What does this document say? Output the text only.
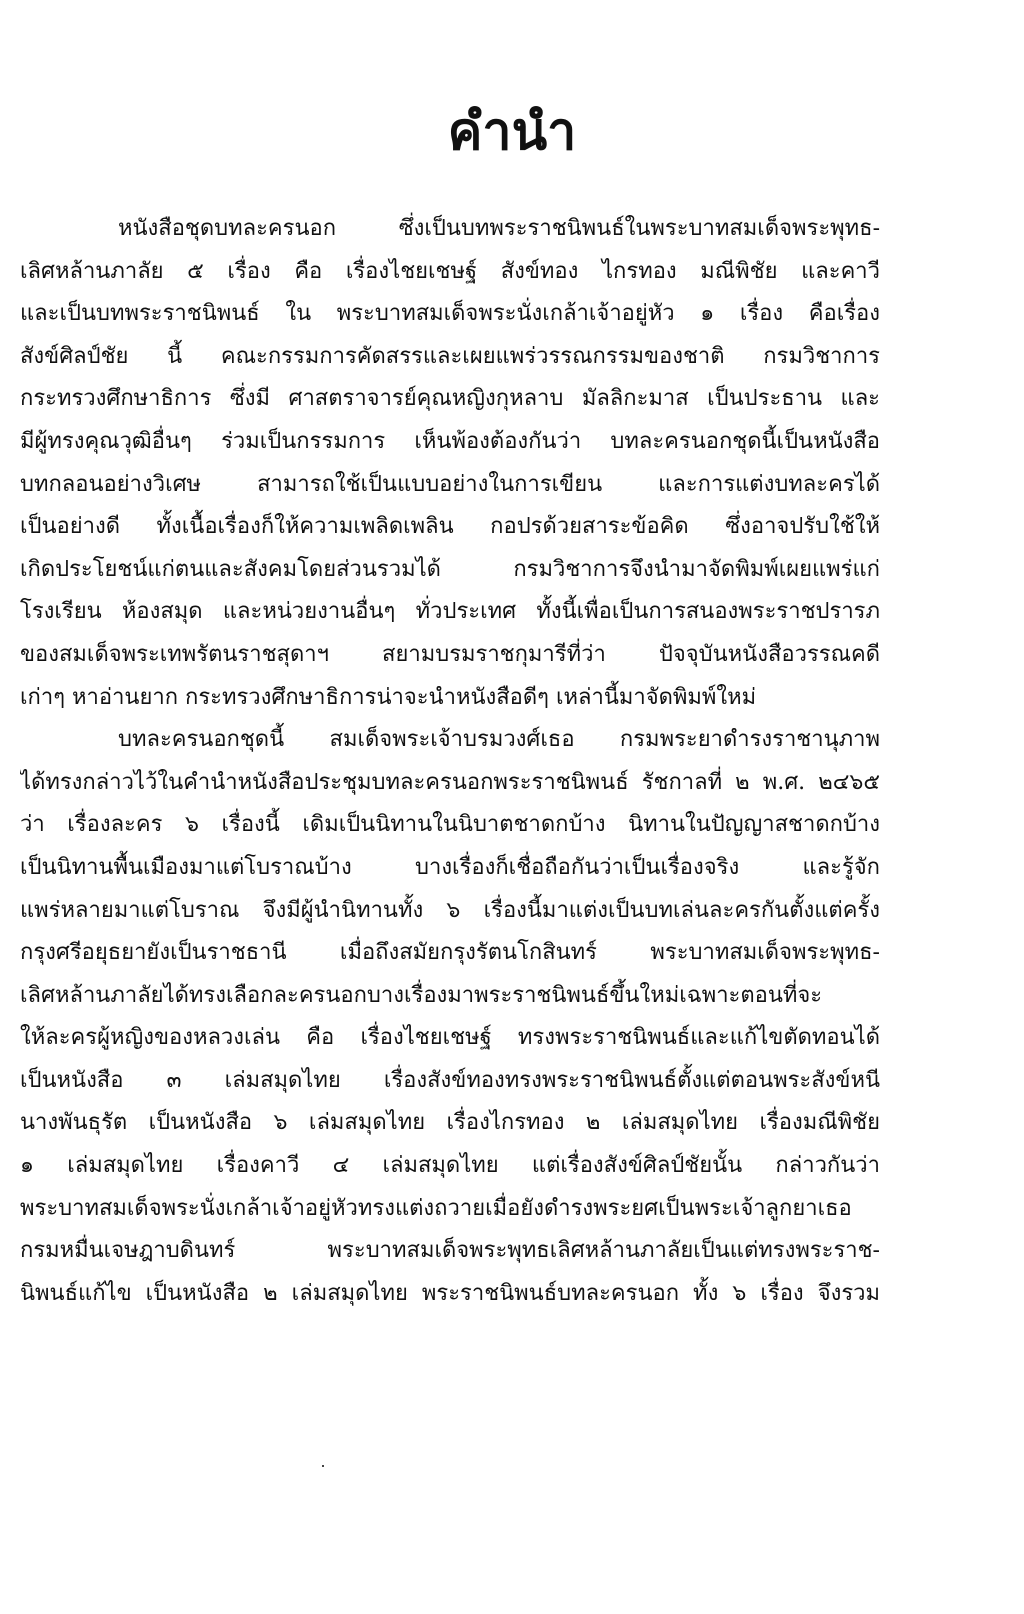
คำนำ
หนังสือชุดบทละครนอก ซึ่งเป็นบทพระราชนิพนธ์ในพระบาทสมเด็จพระพุทธ-
เลิศหล้านภาลัย ๕ เรื่อง คือ เรื่องไชยเชษฐ์ สังข์ทอง ไกรทอง มณีพิชัย และคาวี
และเป็นบทพระราชนิพนธ์ ใน พระบาทสมเด็จพระนั่งเกล้าเจ้าอยู่หัว ๑ เรื่อง คือเรื่อง
สังข์ศิลป์ชัย นี้ คณะกรรมการคัดสรรและเผยแพร่วรรณกรรมของชาติ กรมวิชาการ
กระทรวงศึกษาธิการ ซึ่งมี ศาสตราจารย์คุณหญิงกุหลาบ มัลลิกะมาส เป็นประธาน และ
มีผู้ทรงคุณวุฒิอื่นๆ ร่วมเป็นกรรมการ เห็นพ้องต้องกันว่า บทละครนอกชุดนี้เป็นหนังสือ
บทกลอนอย่างวิเศษ สามารถใช้เป็นแบบอย่างในการเขียน และการแต่งบทละครได้
เป็นอย่างดี ทั้งเนื้อเรื่องก็ให้ความเพลิดเพลิน กอปรด้วยสาระข้อคิด ซึ่งอาจปรับใช้ให้
เกิดประโยชน์แก่ตนและสังคมโดยส่วนรวมได้ กรมวิชาการจึงนำมาจัดพิมพ์เผยแพร่แก่
โรงเรียน ห้องสมุด และหน่วยงานอื่นๆ ทั่วประเทศ ทั้งนี้เพื่อเป็นการสนองพระราชปรารภ
ของสมเด็จพระเทพรัตนราชสุดาฯ สยามบรมราชกุมารีที่ว่า ปัจจุบันหนังสือวรรณคดี
เก่าๆ หาอ่านยาก กระทรวงศึกษาธิการน่าจะนำหนังสือดีๆ เหล่านี้มาจัดพิมพ์ใหม่
บทละครนอกชุดนี้ สมเด็จพระเจ้าบรมวงศ์เธอ กรมพระยาดำรงราชานุภาพ
ได้ทรงกล่าวไว้ในคำนำหนังสือประชุมบทละครนอกพระราชนิพนธ์ รัชกาลที่ ๒ พ.ศ. ๒๔๖๕
ว่า เรื่องละคร ๖ เรื่องนี้ เดิมเป็นนิทานในนิบาตชาดกบ้าง นิทานในปัญญาสชาดกบ้าง
เป็นนิทานพื้นเมืองมาแต่โบราณบ้าง บางเรื่องก็เชื่อถือกันว่าเป็นเรื่องจริง และรู้จัก
แพร่หลายมาแต่โบราณ จึงมีผู้นำนิทานทั้ง ๖ เรื่องนี้มาแต่งเป็นบทเล่นละครกันตั้งแต่ครั้ง
กรุงศรีอยุธยายังเป็นราชธานี เมื่อถึงสมัยกรุงรัตนโกสินทร์ พระบาทสมเด็จพระพุทธ-
เลิศหล้านภาลัยได้ทรงเลือกละครนอกบางเรื่องมาพระราชนิพนธ์ขึ้นใหม่เฉพาะตอนที่จะ
ให้ละครผู้หญิงของหลวงเล่น คือ เรื่องไชยเชษฐ์ ทรงพระราชนิพนธ์และแก้ไขตัดทอนได้
เป็นหนังสือ ๓ เล่มสมุดไทย เรื่องสังข์ทองทรงพระราชนิพนธ์ตั้งแต่ตอนพระสังข์หนี
นางพันธุรัต เป็นหนังสือ ๖ เล่มสมุดไทย เรื่องไกรทอง ๒ เล่มสมุดไทย เรื่องมณีพิชัย
๑ เล่มสมุดไทย เรื่องคาวี ๔ เล่มสมุดไทย แต่เรื่องสังข์ศิลป์ชัยนั้น กล่าวกันว่า
พระบาทสมเด็จพระนั่งเกล้าเจ้าอยู่หัวทรงแต่งถวายเมื่อยังดำรงพระยศเป็นพระเจ้าลูกยาเธอ
กรมหมื่นเจษฎาบดินทร์ พระบาทสมเด็จพระพุทธเลิศหล้านภาลัยเป็นแต่ทรงพระราช-
นิพนธ์แก้ไข เป็นหนังสือ ๒ เล่มสมุดไทย พระราชนิพนธ์บทละครนอก ทั้ง ๖ เรื่อง จึงรวม
